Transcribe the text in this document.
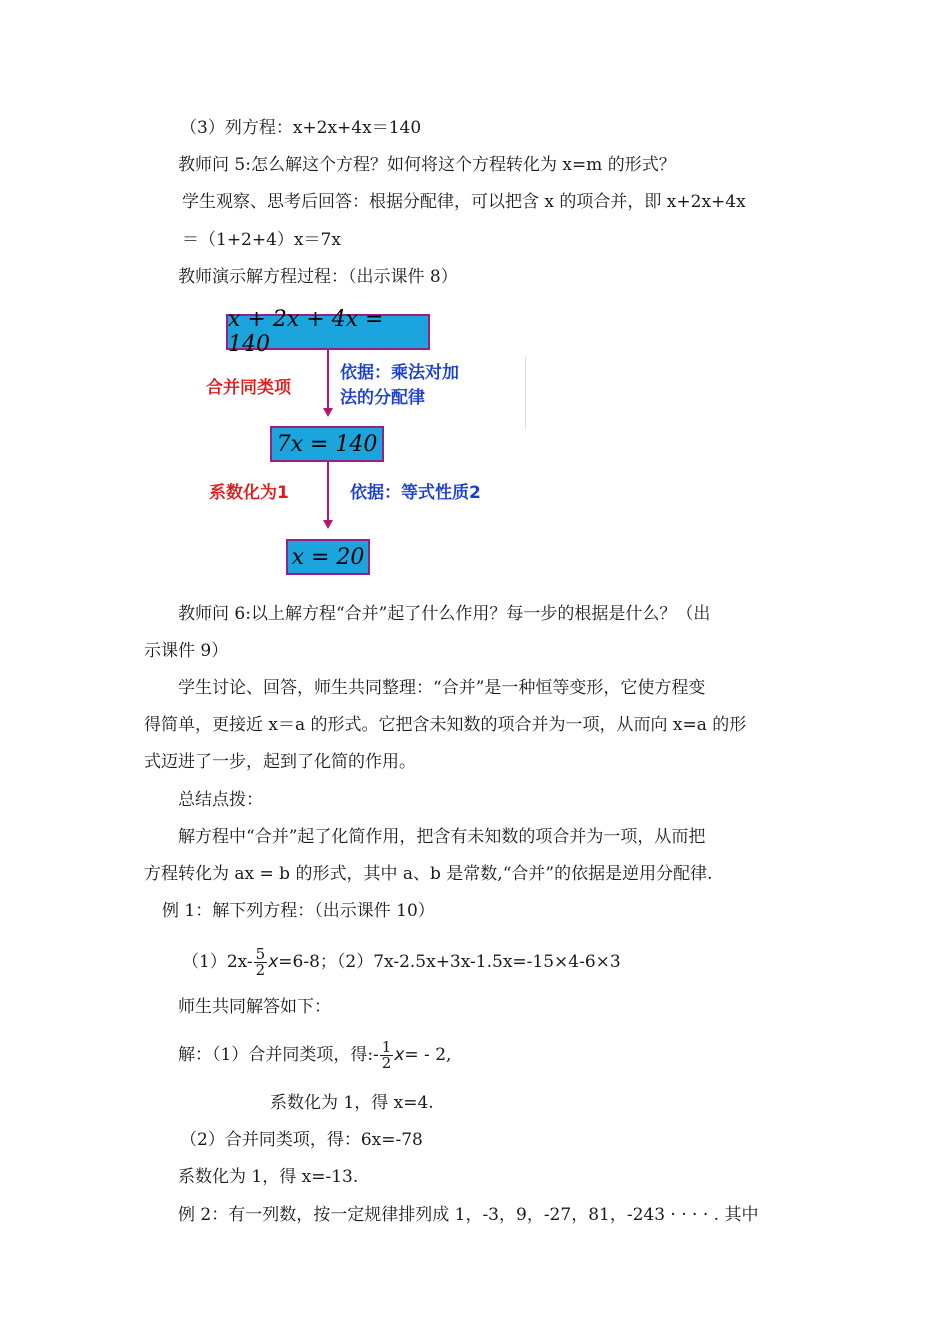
（3）列方程：x+2x+4x＝140
教师问 5:怎么解这个方程？如何将这个方程转化为 x=m 的形式？
学生观察、思考后回答：根据分配律，可以把含 x 的项合并，即 x+2x+4x
＝（1+2+4）x＝7x
教师演示解方程过程：（出示课件 8）
x + 2x + 4x = 140
合并同类项
依据：乘法对加
法的分配律
7x = 140
系数化为1	依据：等式性质2
x = 20
教师问 6:以上解方程“合并”起了什么作用？每一步的根据是什么？（出
示课件 9）
学生讨论、回答，师生共同整理：“合并”是一种恒等变形，它使方程变
得简单，更接近 x＝a 的形式。它把含未知数的项合并为一项，从而向 x=a 的形
式迈进了一步，起到了化简的作用。
总结点拨：
解方程中“合并”起了化简作用，把含有未知数的项合并为一项，从而把
方程转化为 ax = b 的形式，其中 a、b 是常数,“合并”的依据是逆用分配律.
例 1：解下列方程：（出示课件 10）
$(1)2x- \frac{5}{2} x=6-8$；（2）7x-2.5x+3x-1.5x=-15×4-6×3
师生共同解答如下：
解：（1）合并同类项，得:- $\frac{1}{2} x= - 2$,
系数化为 1，得 x=4.
（2）合并同类项，得：6x=-78
系数化为 1，得 x=-13.
例 2：有一列数，按一定规律排列成 1，-3，9，-27，81，-243 · · · · . 其中
